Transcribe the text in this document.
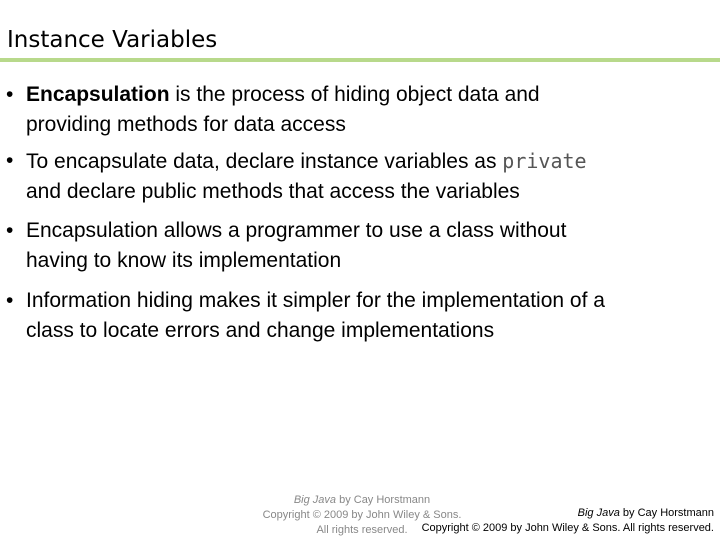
Instance Variables
• Encapsulation is the process of hiding object data and
providing methods for data access
• To encapsulate data, declare instance variables as private
and declare public methods that access the variables
• Encapsulation allows a programmer to use a class without
having to know its implementation
• Information hiding makes it simpler for the implementation of a
class to locate errors and change implementations
Big Java by Cay Horstmann
Copyright © 2009 by John Wiley & Sons.
All rights reserved.
Big Java by Cay Horstmann
Copyright © 2009 by John Wiley & Sons. All rights reserved.
